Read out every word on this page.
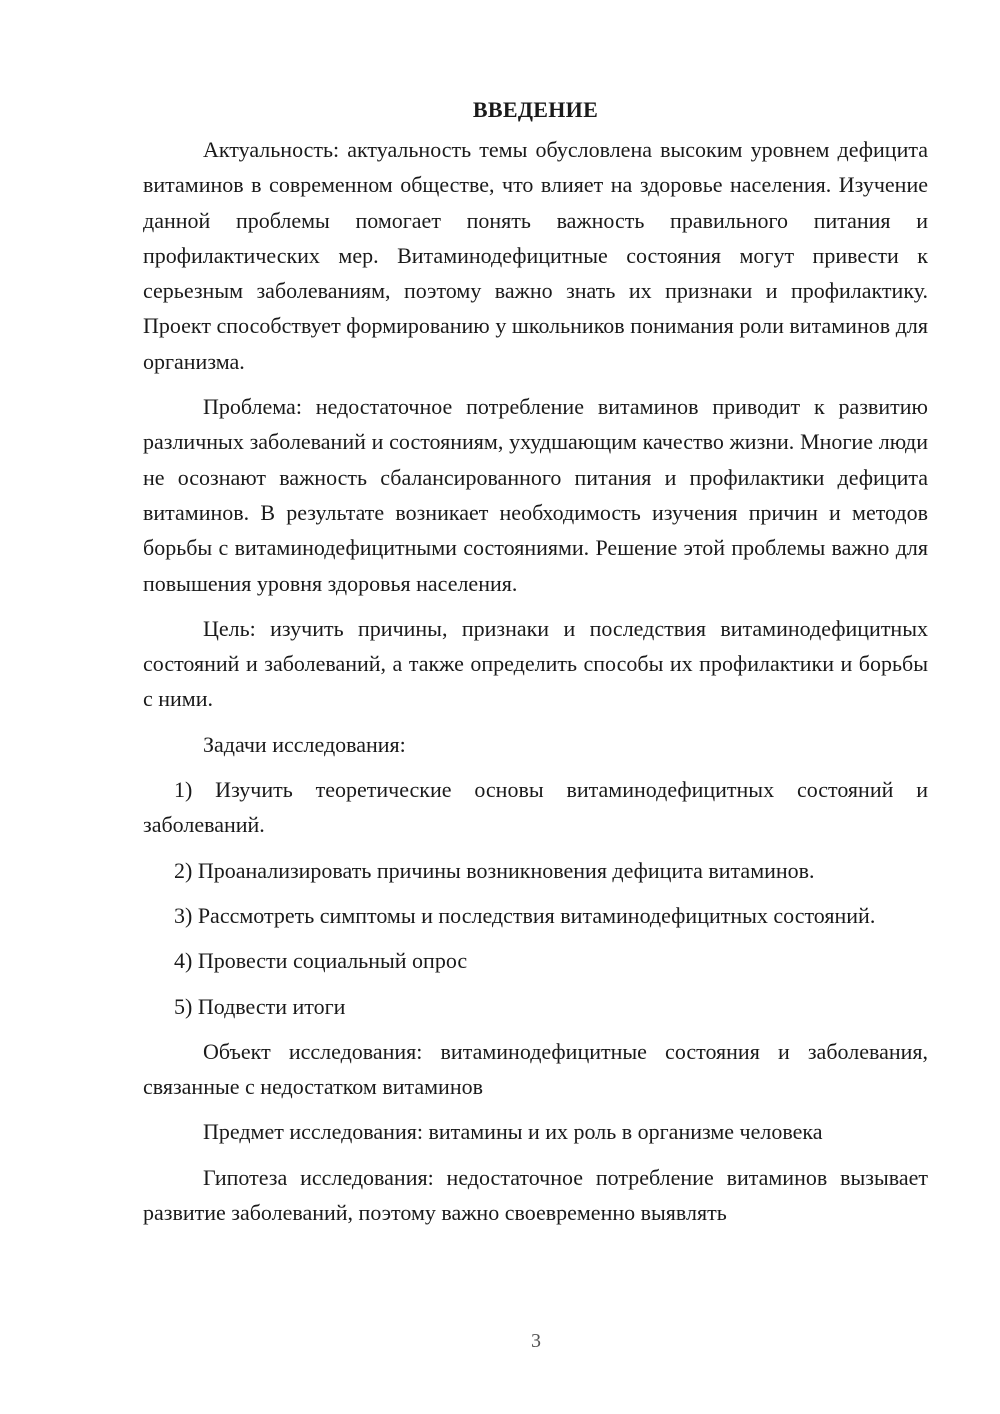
ВВЕДЕНИЕ

Актуальность: актуальность темы обусловлена высоким уровнем дефицита витаминов в современном обществе, что влияет на здоровье населения. Изучение данной проблемы помогает понять важность правильного питания и профилактических мер. Витаминодефицитные состояния могут привести к серьезным заболеваниям, поэтому важно знать их признаки и профилактику. Проект способствует формированию у школьников понимания роли витаминов для организма.

Проблема: недостаточное потребление витаминов приводит к развитию различных заболеваний и состояниям, ухудшающим качество жизни. Многие люди не осознают важность сбалансированного питания и профилактики дефицита витаминов. В результате возникает необходимость изучения причин и методов борьбы с витаминодефицитными состояниями. Решение этой проблемы важно для повышения уровня здоровья населения.

Цель: изучить причины, признаки и последствия витаминодефицитных состояний и заболеваний, а также определить способы их профилактики и борьбы с ними.

Задачи исследования:

1) Изучить теоретические основы витаминодефицитных состояний и заболеваний.

2) Проанализировать причины возникновения дефицита витаминов.

3) Рассмотреть симптомы и последствия витаминодефицитных состояний.

4) Провести социальный опрос

5) Подвести итоги

Объект исследования: витаминодефицитные состояния и заболевания, связанные с недостатком витаминов

Предмет исследования: витамины и их роль в организме человека

Гипотеза исследования: недостаточное потребление витаминов вызывает развитие заболеваний, поэтому важно своевременно выявлять

3
